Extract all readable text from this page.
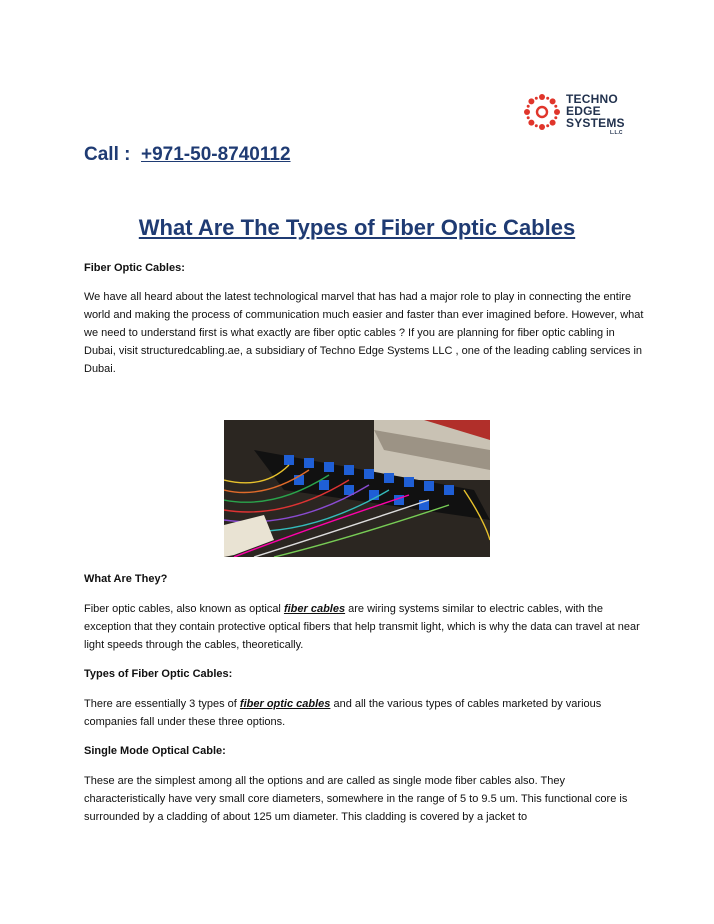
TECHNO
EDGE
SYSTEMS
L.L.C
Call : +971-50-8740112
What Are The Types of Fiber Optic Cables
Fiber Optic Cables:
We have all heard about the latest technological marvel that has had a major role to play in connecting the entire world and making the process of communication much easier and faster than ever imagined before. However, what we need to understand first is what exactly are fiber optic cables ? If you are planning for fiber optic cabling in Dubai, visit structuredcabling.ae, a subsidiary of Techno Edge Systems LLC , one of the leading cabling services in Dubai.
What Are They?
Fiber optic cables, also known as optical fiber cables are wiring systems similar to electric cables, with the exception that they contain protective optical fibers that help transmit light, which is why the data can travel at near light speeds through the cables, theoretically.
Types of Fiber Optic Cables:
There are essentially 3 types of fiber optic cables and all the various types of cables marketed by various companies fall under these three options.
Single Mode Optical Cable:
These are the simplest among all the options and are called as single mode fiber cables also. They characteristically have very small core diameters, somewhere in the range of 5 to 9.5 um. This functional core is surrounded by a cladding of about 125 um diameter. This cladding is covered by a jacket to
